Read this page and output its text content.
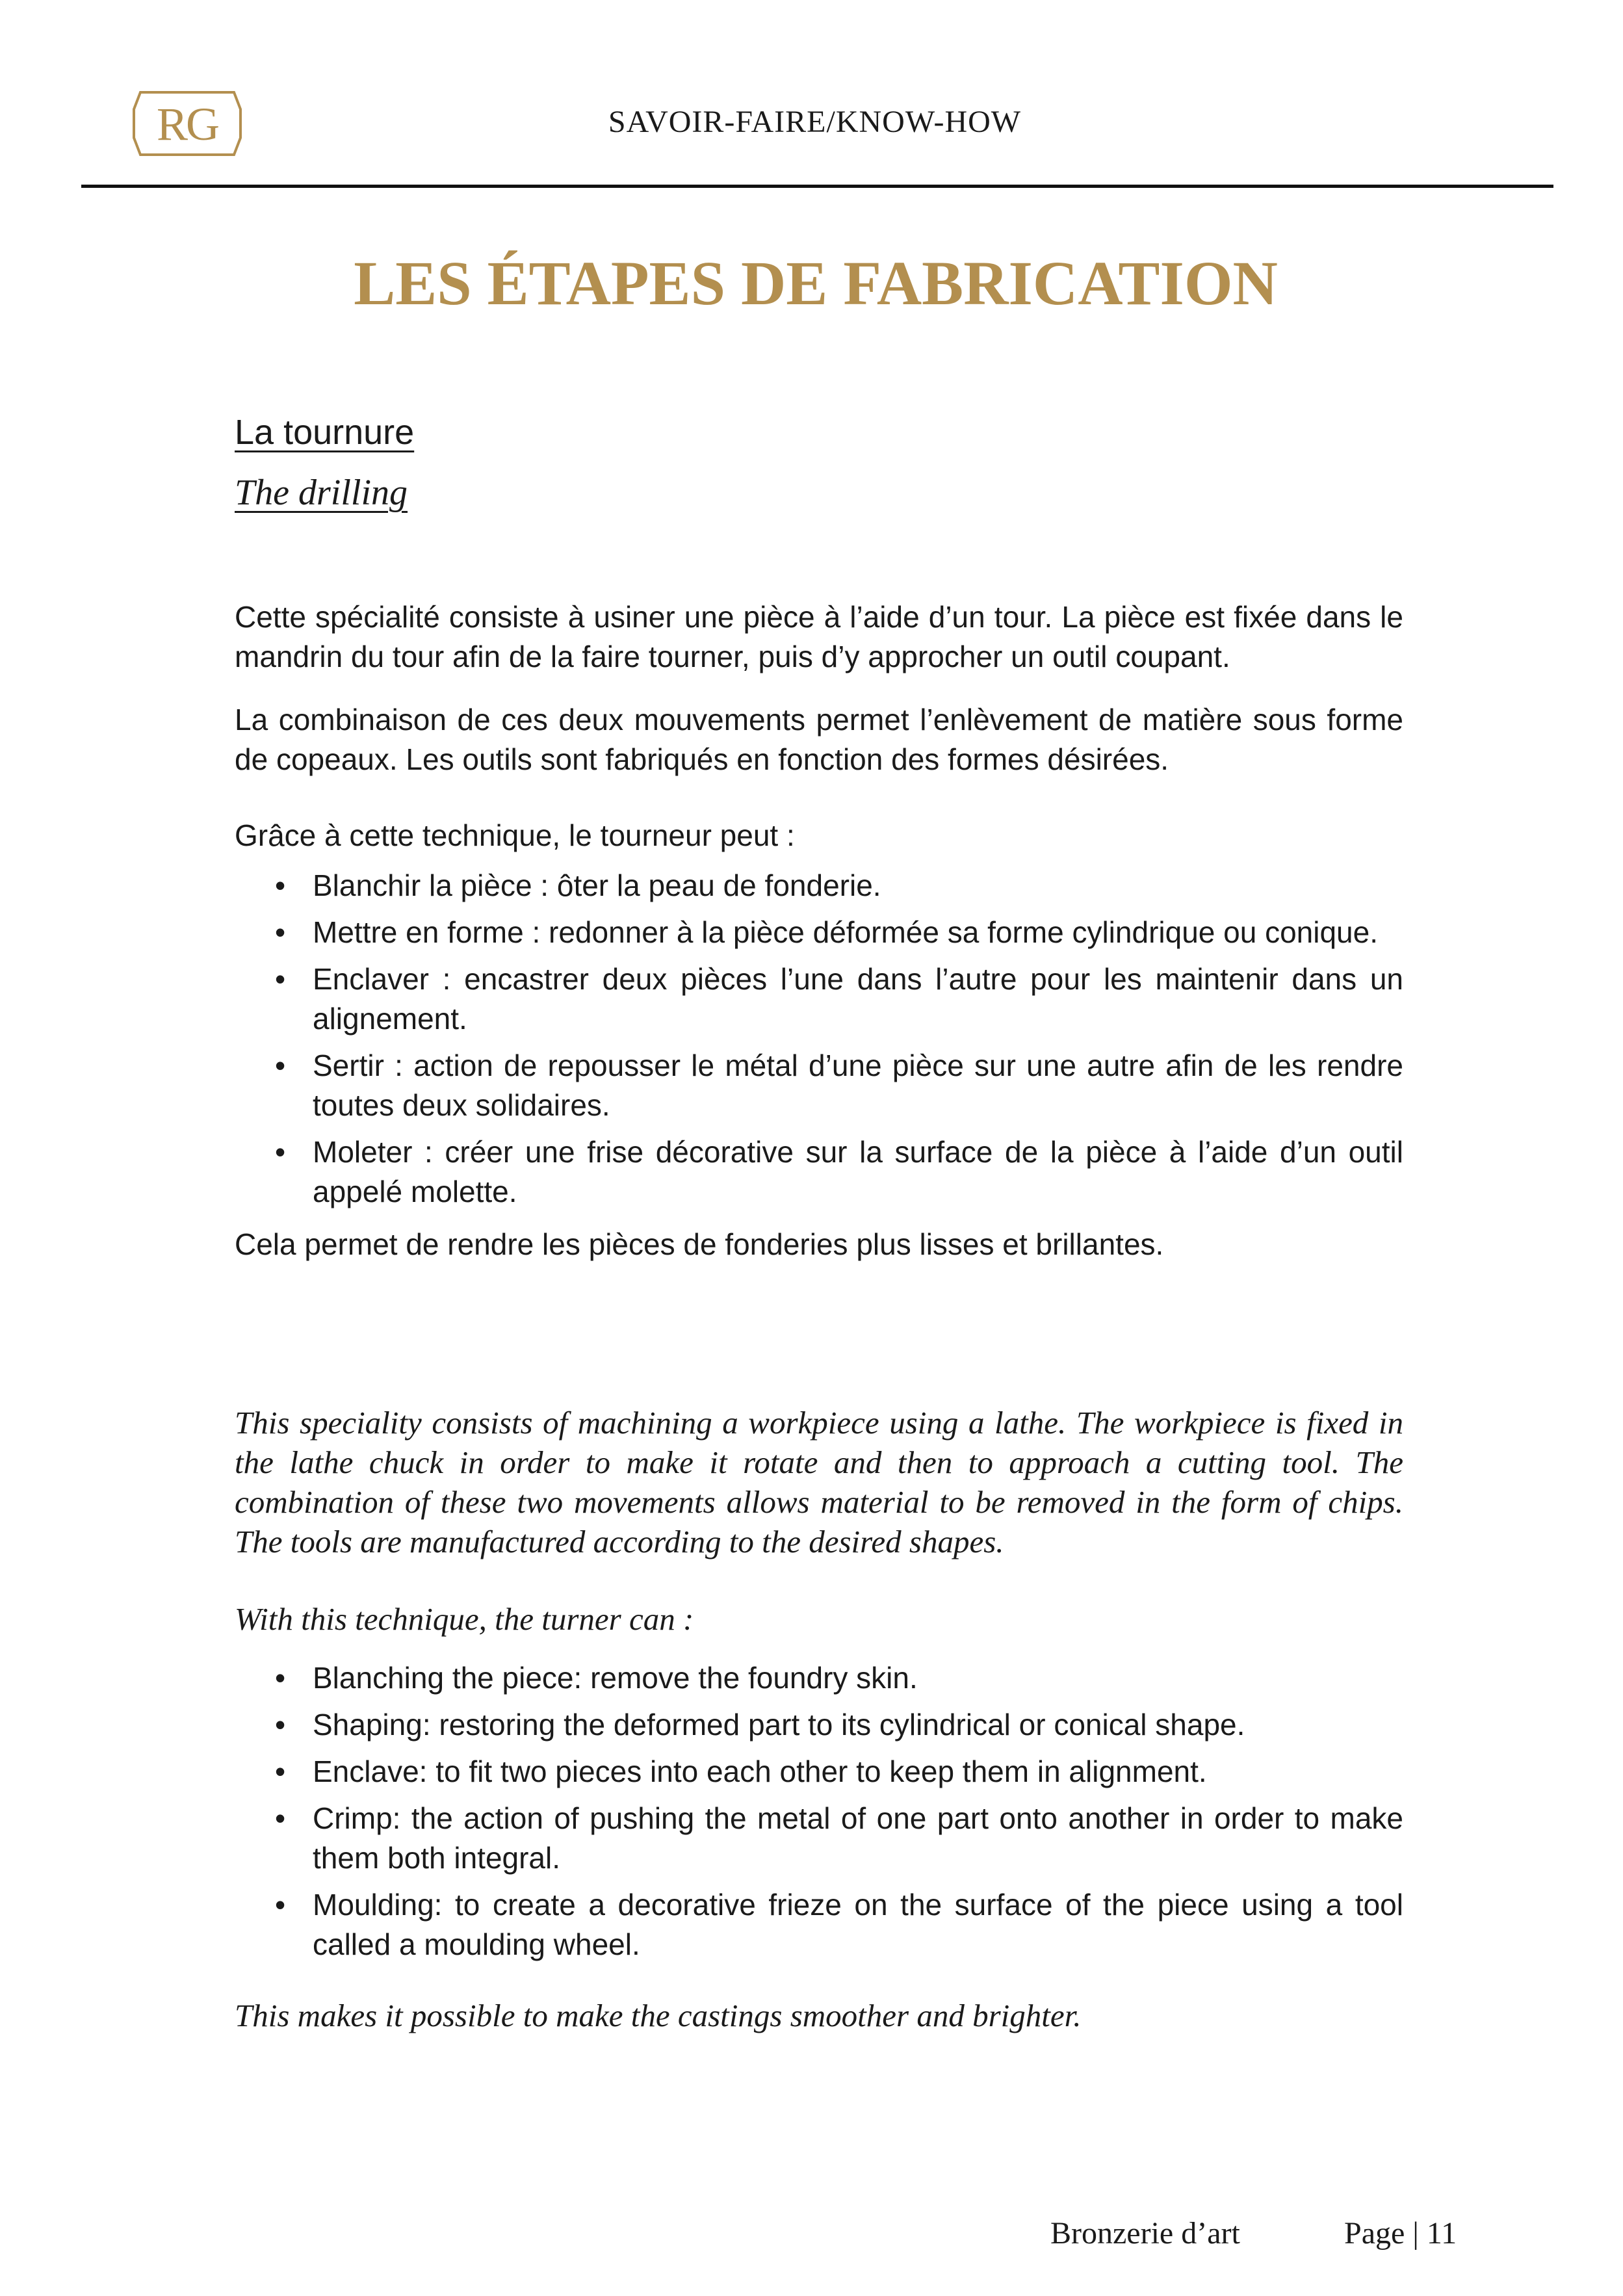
RG	SAVOIR-FAIRE/KNOW-HOW
LES ÉTAPES DE FABRICATION
La tournure
The drilling

Cette spécialité consiste à usiner une pièce à l’aide d’un tour. La pièce est fixée dans le mandrin du tour afin de la faire tourner, puis d’y approcher un outil coupant.

La combinaison de ces deux mouvements permet l’enlèvement de matière sous forme de copeaux. Les outils sont fabriqués en fonction des formes désirées.

Grâce à cette technique, le tourneur peut :

• Blanchir la pièce : ôter la peau de fonderie.
• Mettre en forme : redonner à la pièce déformée sa forme cylindrique ou conique.
• Enclaver : encastrer deux pièces l’une dans l’autre pour les maintenir dans un alignement.
• Sertir : action de repousser le métal d’une pièce sur une autre afin de les rendre toutes deux solidaires.
• Moleter : créer une frise décorative sur la surface de la pièce à l’aide d’un outil appelé molette.

Cela permet de rendre les pièces de fonderies plus lisses et brillantes.

This speciality consists of machining a workpiece using a lathe. The workpiece is fixed in the lathe chuck in order to make it rotate and then to approach a cutting tool. The combination of these two movements allows material to be removed in the form of chips. The tools are manufactured according to the desired shapes.

With this technique, the turner can :

• Blanching the piece: remove the foundry skin.
• Shaping: restoring the deformed part to its cylindrical or conical shape.
• Enclave: to fit two pieces into each other to keep them in alignment.
• Crimp: the action of pushing the metal of one part onto another in order to make them both integral.
• Moulding: to create a decorative frieze on the surface of the piece using a tool called a moulding wheel.

This makes it possible to make the castings smoother and brighter.

Bronzerie d’art	Page | 11
